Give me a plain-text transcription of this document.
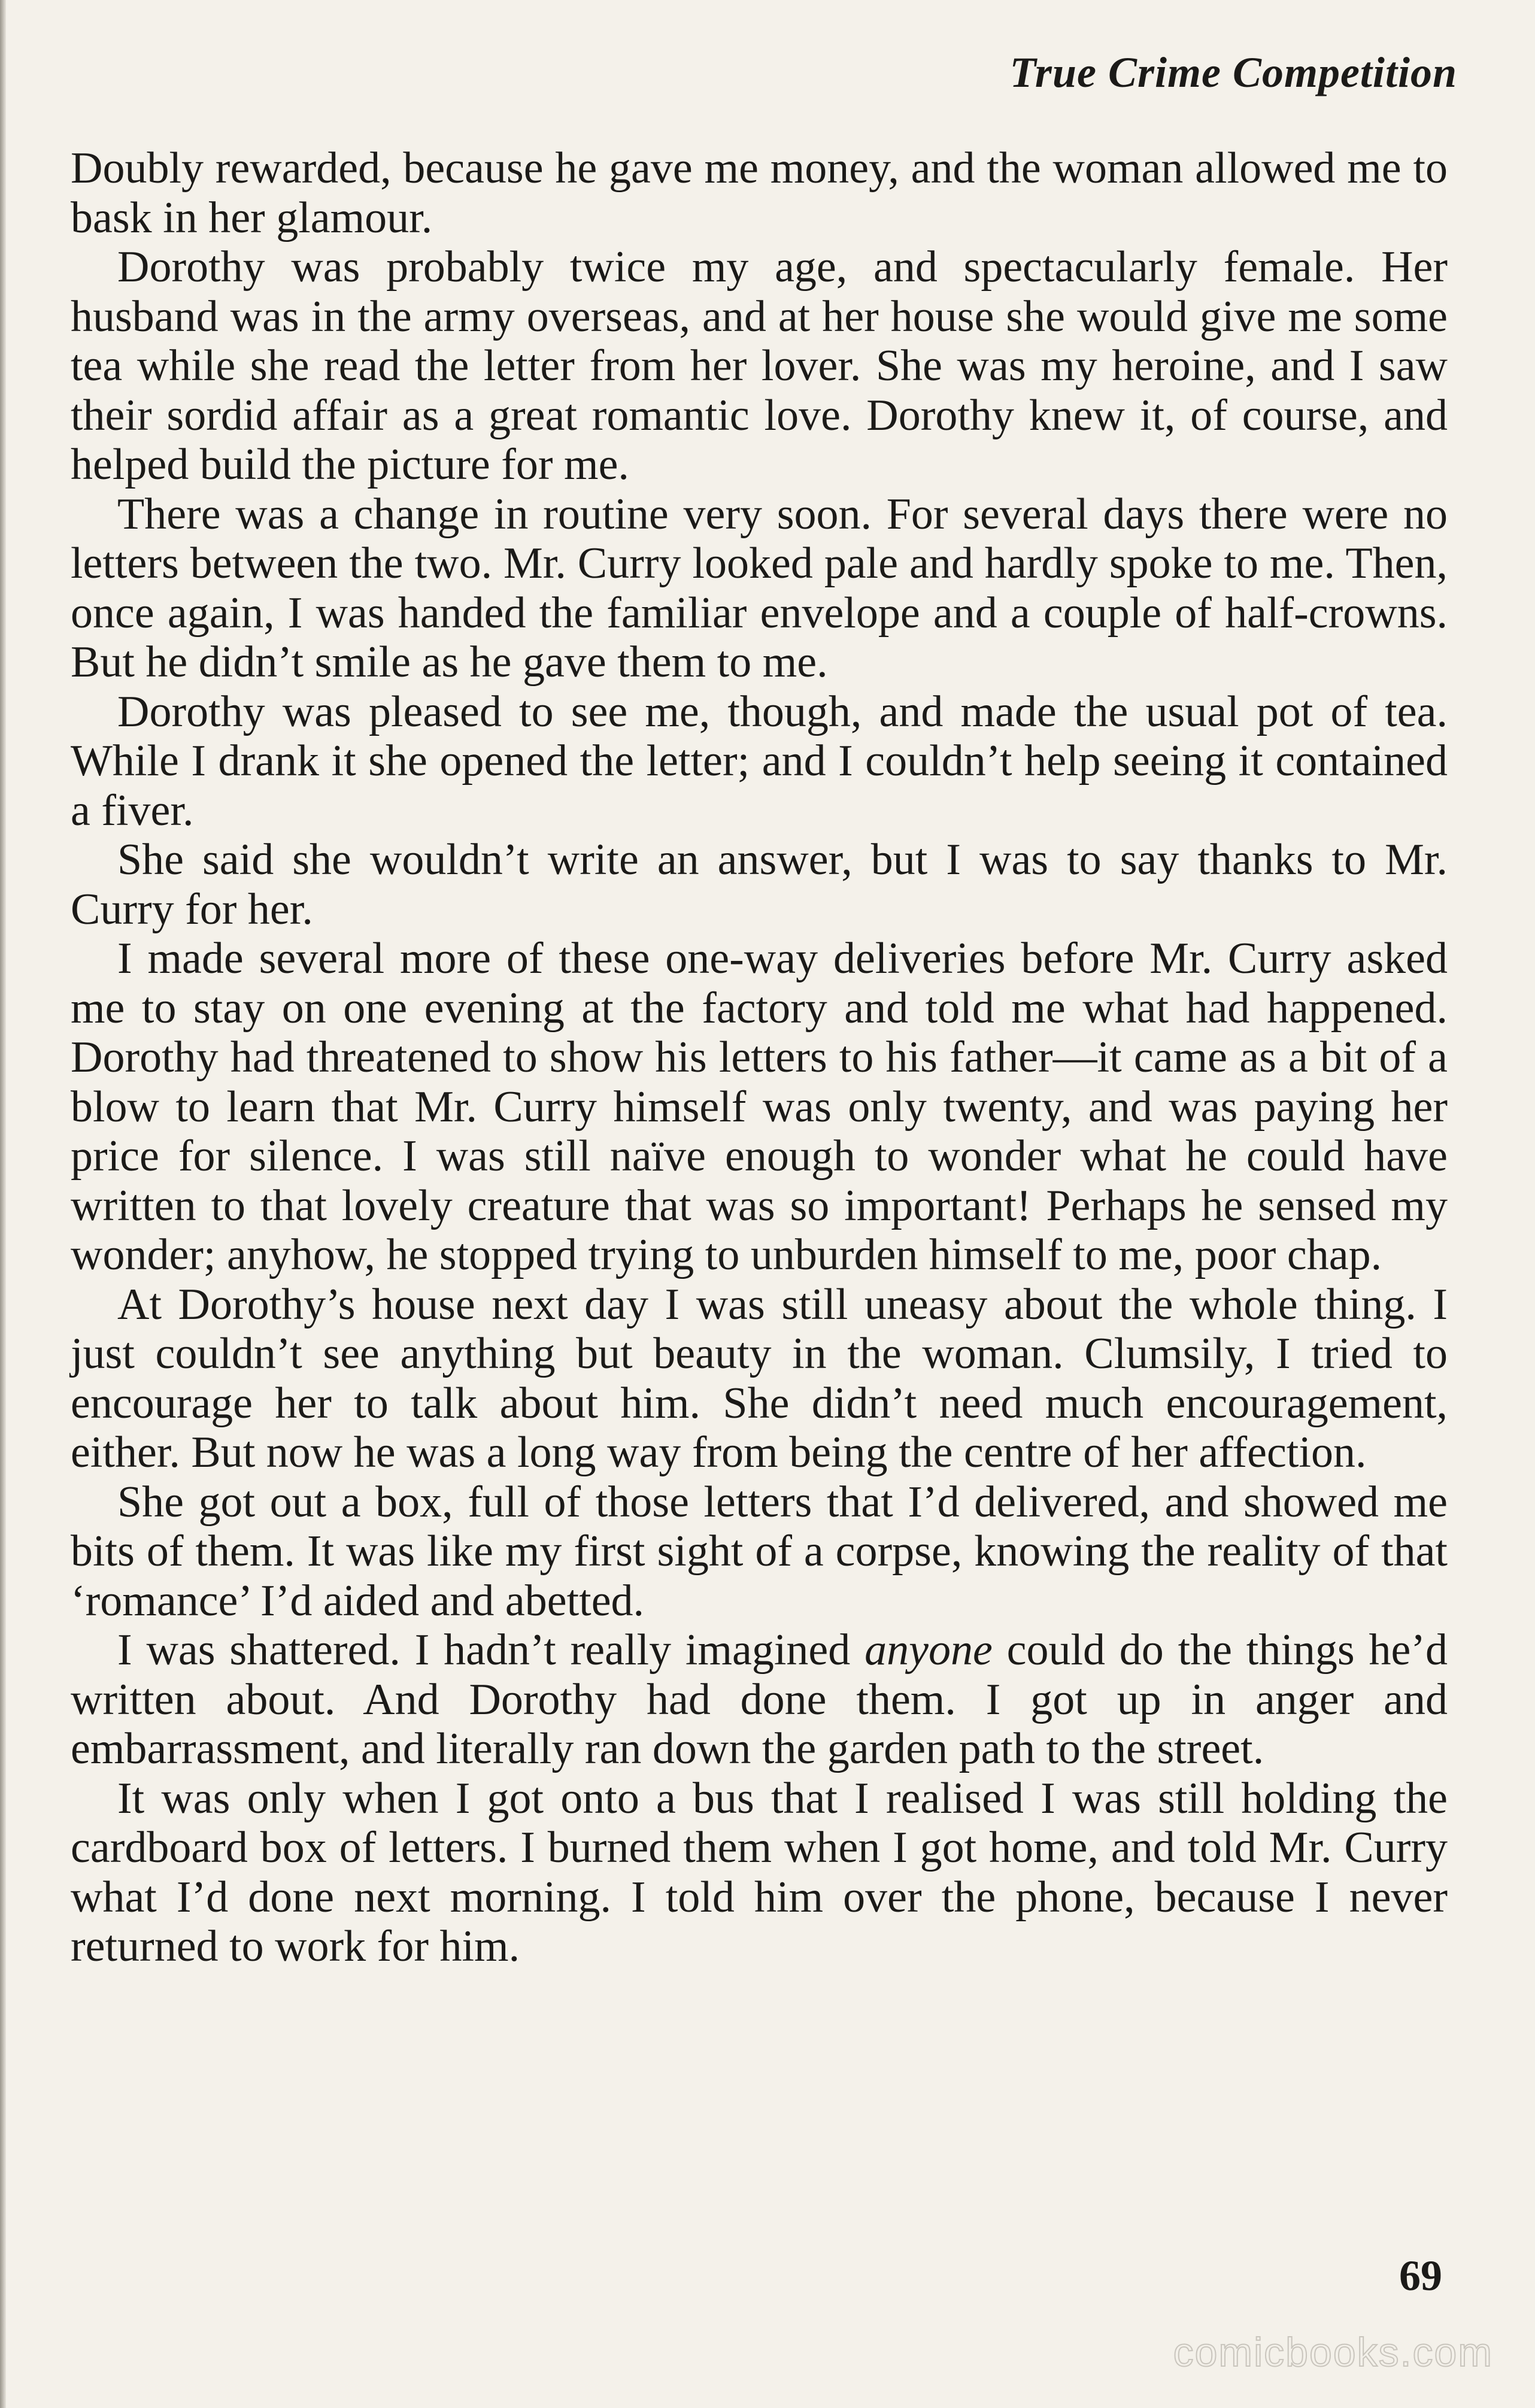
True Crime Competition

Doubly rewarded, because he gave me money, and the woman allowed me to bask in her glamour.

Dorothy was probably twice my age, and spectacularly female. Her husband was in the army overseas, and at her house she would give me some tea while she read the letter from her lover. She was my heroine, and I saw their sordid affair as a great romantic love. Dorothy knew it, of course, and helped build the picture for me.

There was a change in routine very soon. For several days there were no letters between the two. Mr. Curry looked pale and hardly spoke to me. Then, once again, I was handed the familiar envelope and a couple of half-crowns. But he didn’t smile as he gave them to me.

Dorothy was pleased to see me, though, and made the usual pot of tea. While I drank it she opened the letter; and I couldn’t help seeing it contained a fiver.

She said she wouldn’t write an answer, but I was to say thanks to Mr. Curry for her.

I made several more of these one-way deliveries before Mr. Curry asked me to stay on one evening at the factory and told me what had happened. Dorothy had threatened to show his letters to his father—it came as a bit of a blow to learn that Mr. Curry himself was only twenty, and was paying her price for silence. I was still naïve enough to wonder what he could have written to that lovely creature that was so important! Perhaps he sensed my wonder; anyhow, he stopped trying to unburden himself to me, poor chap.

At Dorothy’s house next day I was still uneasy about the whole thing. I just couldn’t see anything but beauty in the woman. Clumsily, I tried to encourage her to talk about him. She didn’t need much encouragement, either. But now he was a long way from being the centre of her affection.

She got out a box, full of those letters that I’d delivered, and showed me bits of them. It was like my first sight of a corpse, knowing the reality of that ‘romance’ I’d aided and abetted.

I was shattered. I hadn’t really imagined anyone could do the things he’d written about. And Dorothy had done them. I got up in anger and embarrassment, and literally ran down the garden path to the street.

It was only when I got onto a bus that I realised I was still holding the cardboard box of letters. I burned them when I got home, and told Mr. Curry what I’d done next morning. I told him over the phone, because I never returned to work for him.

69
comicbooks.com
